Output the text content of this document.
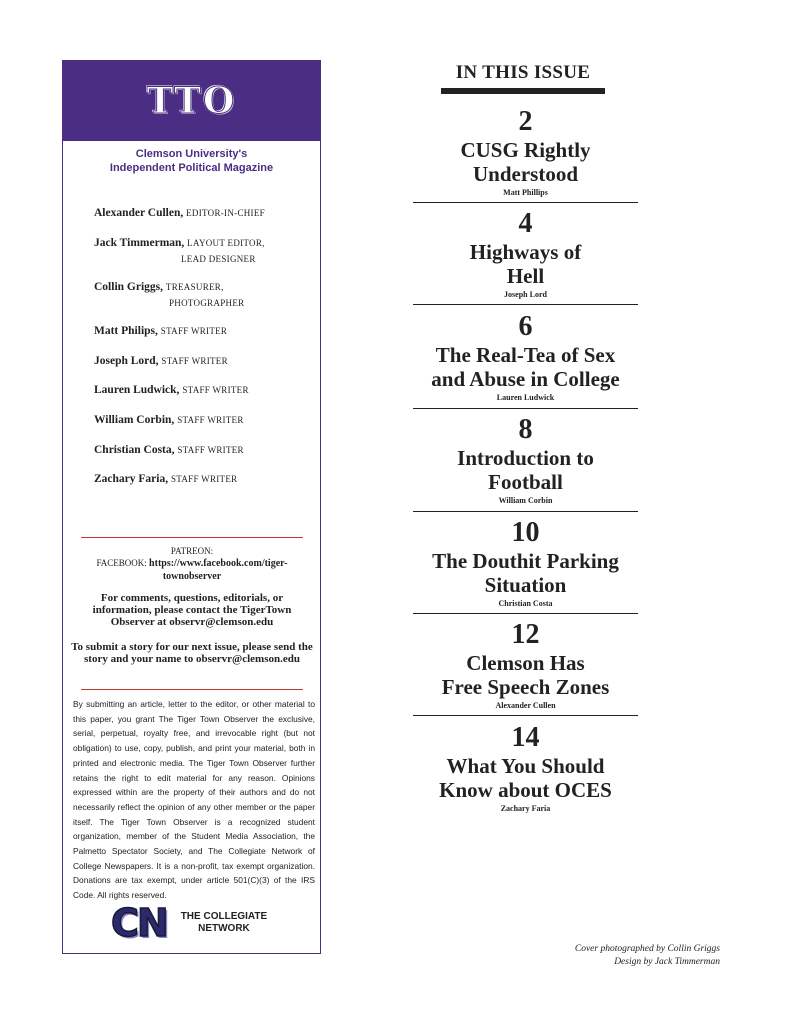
TTO
Clemson University's
Independent Political Magazine
Alexander Cullen, EDITOR-IN-CHIEF
Jack Timmerman, LAYOUT EDITOR,
LEAD DESIGNER
Collin Griggs, TREASURER,
PHOTOGRAPHER
Matt Philips, STAFF WRITER
Joseph Lord, STAFF WRITER
Lauren Ludwick, STAFF WRITER
William Corbin, STAFF WRITER
Christian Costa, STAFF WRITER
Zachary Faria, STAFF WRITER
PATREON:
FACEBOOK: https://www.facebook.com/tiger-townobserver
For comments, questions, editorials, or information, please contact the TigerTown Observer at observr@clemson.edu
To submit a story for our next issue, please send the story and your name to observr@clemson.edu
By submitting an article, letter to the editor, or other material to this paper, you grant The Tiger Town Observer the exclusive, serial, perpetual, royalty free, and irrevocable right (but not obligation) to use, copy, publish, and print your material, both in printed and electronic media. The Tiger Town Observer further retains the right to edit material for any reason. Opinions expressed within are the property of their authors and do not necessarily reflect the opinion of any other member or the paper itself. The Tiger Town Observer is a recognized student organization, member of the Student Media Association, the Palmetto Spectator Society, and The Collegiate Network of College Newspapers. It is a non-profit, tax exempt organization. Donations are tax exempt, under article 501(C)(3) of the IRS Code. All rights reserved.
CN THE COLLEGIATE
NETWORK
IN THIS ISSUE
2
CUSG Rightly
Understood
Matt Phillips
4
Highways of
Hell
Joseph Lord
6
The Real-Tea of Sex
and Abuse in College
Lauren Ludwick
8
Introduction to
Football
William Corbin
10
The Douthit Parking
Situation
Christian Costa
12
Clemson Has
Free Speech Zones
Alexander Cullen
14
What You Should
Know about OCES
Zachary Faria
Cover photographed by Collin Griggs
Design by Jack Timmerman
